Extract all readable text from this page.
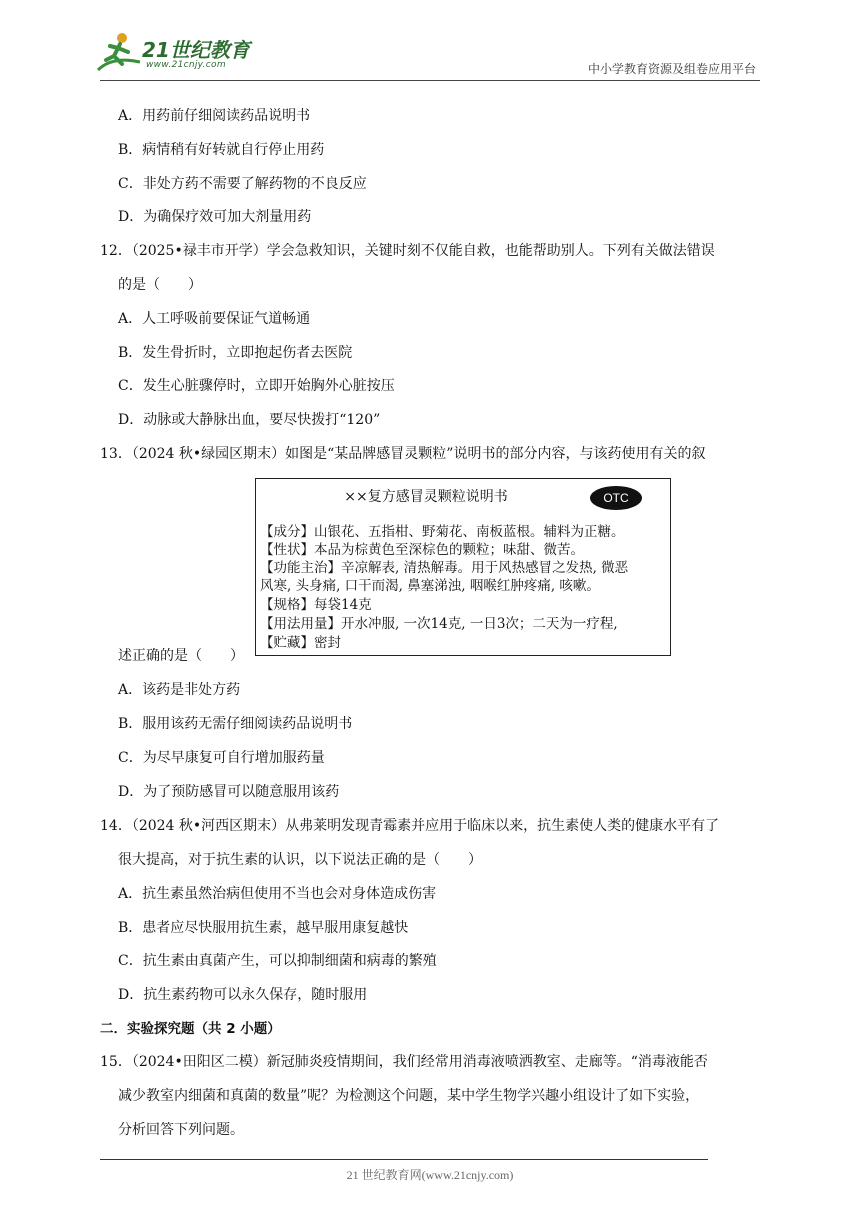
21世纪教育
www.21cnjy.com	中小学教育资源及组卷应用平台
A．用药前仔细阅读药品说明书
B．病情稍有好转就自行停止用药
C．非处方药不需要了解药物的不良反应
D．为确保疗效可加大剂量用药
12．（2025•禄丰市开学）学会急救知识，关键时刻不仅能自救，也能帮助别人。下列有关做法错误
的是（　　）
A．人工呼吸前要保证气道畅通
B．发生骨折时，立即抱起伤者去医院
C．发生心脏骤停时，立即开始胸外心脏按压
D．动脉或大静脉出血，要尽快拨打“120”
13．（2024 秋•绿园区期末）如图是“某品牌感冒灵颗粒”说明书的部分内容，与该药使用有关的叙
××复方感冒灵颗粒说明书	OTC
【成分】山银花、五指柑、野菊花、南板蓝根。辅料为正糖。
【性状】本品为棕黄色至深棕色的颗粒；味甜、微苦。
【功能主治】辛凉解表, 清热解毒。用于风热感冒之发热, 微恶
风寒, 头身痛, 口干而渴, 鼻塞涕浊, 咽喉红肿疼痛, 咳嗽。
【规格】每袋14克
【用法用量】开水冲服, 一次14克, 一日3次；二天为一疗程,
【贮藏】密封
述正确的是（　　）
A．该药是非处方药
B．服用该药无需仔细阅读药品说明书
C．为尽早康复可自行增加服药量
D．为了预防感冒可以随意服用该药
14．（2024 秋•河西区期末）从弗莱明发现青霉素并应用于临床以来，抗生素使人类的健康水平有了
很大提高，对于抗生素的认识，以下说法正确的是（　　）
A．抗生素虽然治病但使用不当也会对身体造成伤害
B．患者应尽快服用抗生素，越早服用康复越快
C．抗生素由真菌产生，可以抑制细菌和病毒的繁殖
D．抗生素药物可以永久保存，随时服用
二．实验探究题（共 2 小题）
15．（2024•田阳区二模）新冠肺炎疫情期间，我们经常用消毒液喷洒教室、走廊等。“消毒液能否
减少教室内细菌和真菌的数量”呢？为检测这个问题，某中学生物学兴趣小组设计了如下实验，
分析回答下列问题。
21 世纪教育网(www.21cnjy.com)
